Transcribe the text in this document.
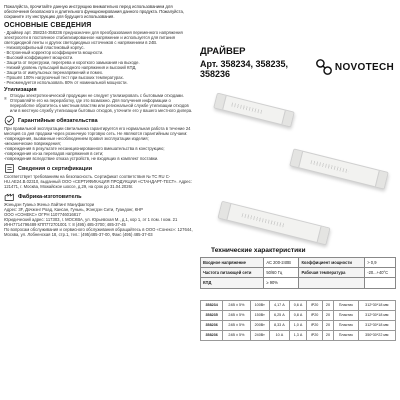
Пожалуйста, прочитайте данную инструкцию внимательно перед использованием для обеспечения безопасного и длительного функционирования данного продукта. Пожалуйста, сохраните эту инструкцию для будущего использования.
ОСНОВНЫЕ СВЕДЕНИЯ
- Драйвер арт. 358234-358236 предназначен для преобразования переменного напряжения электросети в постоянное стабилизированное напряжение и используется для питания светодиодной ленты и других светодиодных источников с напряжением в 24В.
- Низкопрофильный пластиковый корпус.
- Встроенный корректор коэффициента мощности.
- Высокий коэффициент мощности.
- Защита от перегрузки, перегрева и короткого замыкания на выходе.
- Низкий уровень пульсаций выходного напряжения и высокий КПД.
- Защита от импульсных перенапряжений и помех.
- Прошёл 100% нагрузочный тест при высоких температурах.
- Рекомендуется использовать 80% от номинальной мощности.
Утилизация
Отходы электротехнической продукции не следует утилизировать с бытовыми отходами. Отправляйте его на переработку, где это возможно. Для получения информации о переработке обратитесь к местным властям или региональной службе утилизации отходов или в местную службу утилизации бытовых отходов, уточните его у вашего местного дилера.
Гарантийные обязательства
При правильной эксплуатации светильника гарантируется его нормальная работа в течение 24 месяцев со дня продажи через розничную торговую сеть. Не являются гарантийным случаем:
-повреждения, вызванные несоблюдением правил эксплуатации изделия;
-механические повреждения;
-повреждения в результате несанкционированного вмешательства в конструкцию;
-повреждения из-за перепадов напряжения в сети;
-повреждения вследствие отказа устройств, не входящих в комплект поставки.
Сведения о сертификации
Соответствует требованиям на безопасность. Сертификат соответствия № ТС RU C-HU.АЕ24.В.02310, выданный ООО «СЕРТИФИКАЦИЯ ПРОДУКЦИИ «СТАНДАРТ-ТЕСТ». Адрес: 121471, г. Москва, Можайское шоссе, д.29, на срок до 31.04.2026г.
Фабрика-изготовитель
Жэньдэн Гуаньэ Женьэ Лайтинг Мануфактори
Адрес: 3F, Дочжэнг Роад, Кансан, Гуньнь, Жэнгдэн Сити, Гуандонг, КНР
ООО «СОНЕКС» ОГРН 1107746016817
Юридический адрес: 117303, г. МОСКВА, ул. Юрьевская М., д.1, кор 1, эт 1 пом. I ком. 21 ИНН7714796489 КПП772701001 т: 8 (495) 485-3700; 485-37-45
По вопросам обслуживания и сервисного обслуживания обращайтесь в ООО «Сонекс»: 127644, Москва, ул. Лобненская 18, стр.1, тел.: (495)485-37-00, Факс (495) 485-37-03
ДРАЙВЕР
Арт. 358234, 358235, 358236
NOVOTECH
Технические характеристики
Входное напряжение	AC 200-240В	Коэффициент мощности	> 0,9
Частота питающей сети	50/60 Гц	Рабочая температура	-20...+40°С
КПД	≥ 90%		
358234	24В ± 5%	100Вт	4,17 А	0,6 А	IP20	20	Пластик	312*30*18 мм
358235	24В ± 5%	150Вт	6,25 А	0,8 А	IP20	20	Пластик	312*30*18 мм
358236	24В ± 5%	200Вт	8,33 А	1,0 А	IP20	20	Пластик	312*30*18 мм
358236	24В ± 5%	240Вт	10 А	1,3 А	IP20	20	Пластик	350*30*22 мм
